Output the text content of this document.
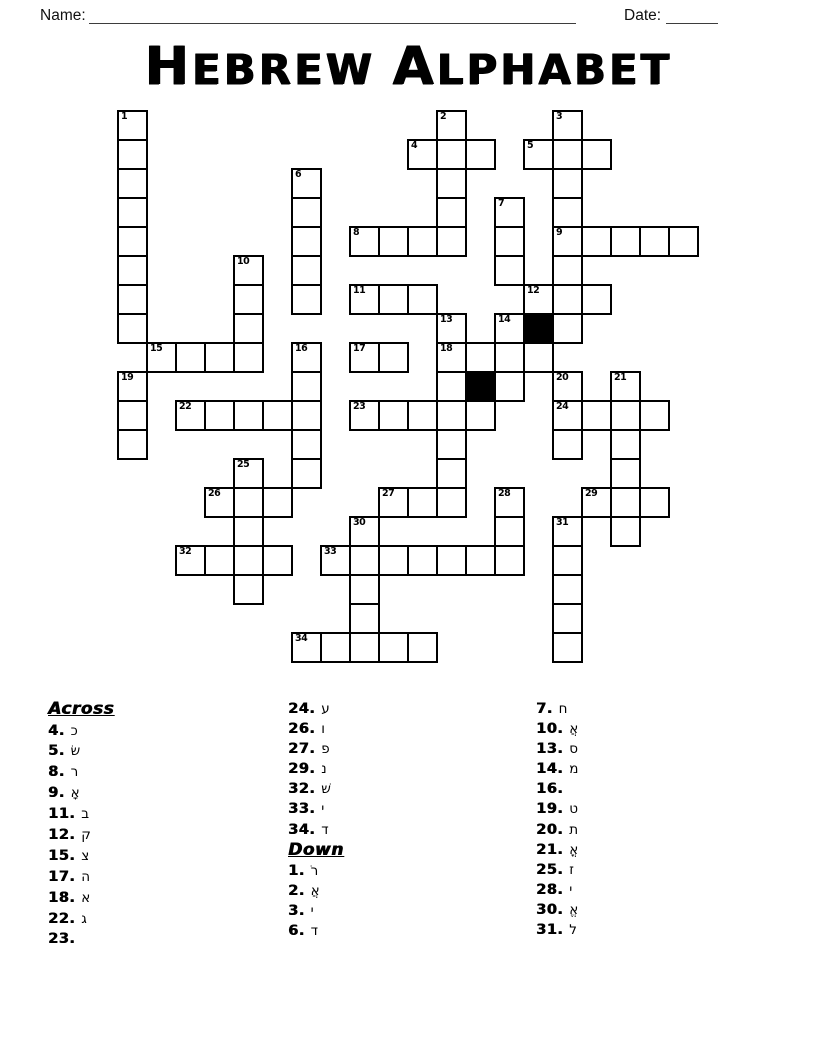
Name:	Date:
HEBREW ALPHABET
1	2	3
9
4	5
6
7
8
10
11	12
13
18
14
15	16	17
19	20
24
21
22	23
25
26	27	28	29
30	31
32	33
34
Across
4. כ
5. שׂ
8. ר
9. אָ
11. ב
12. ק
15. צ
17. ה
18. א
22. ג
23.
24. ע
26. ו
27. פ
29. נ
32. שׁ
33. י
34. ד
Down
1. רֹ
2. אֲ
3. י
6. ד
7. ח
10. אֲ
13. ס
14. מ
16.
19. ט
20. ת
21. אֳ
25. ז
28. י
30. אֱ
31. ל
